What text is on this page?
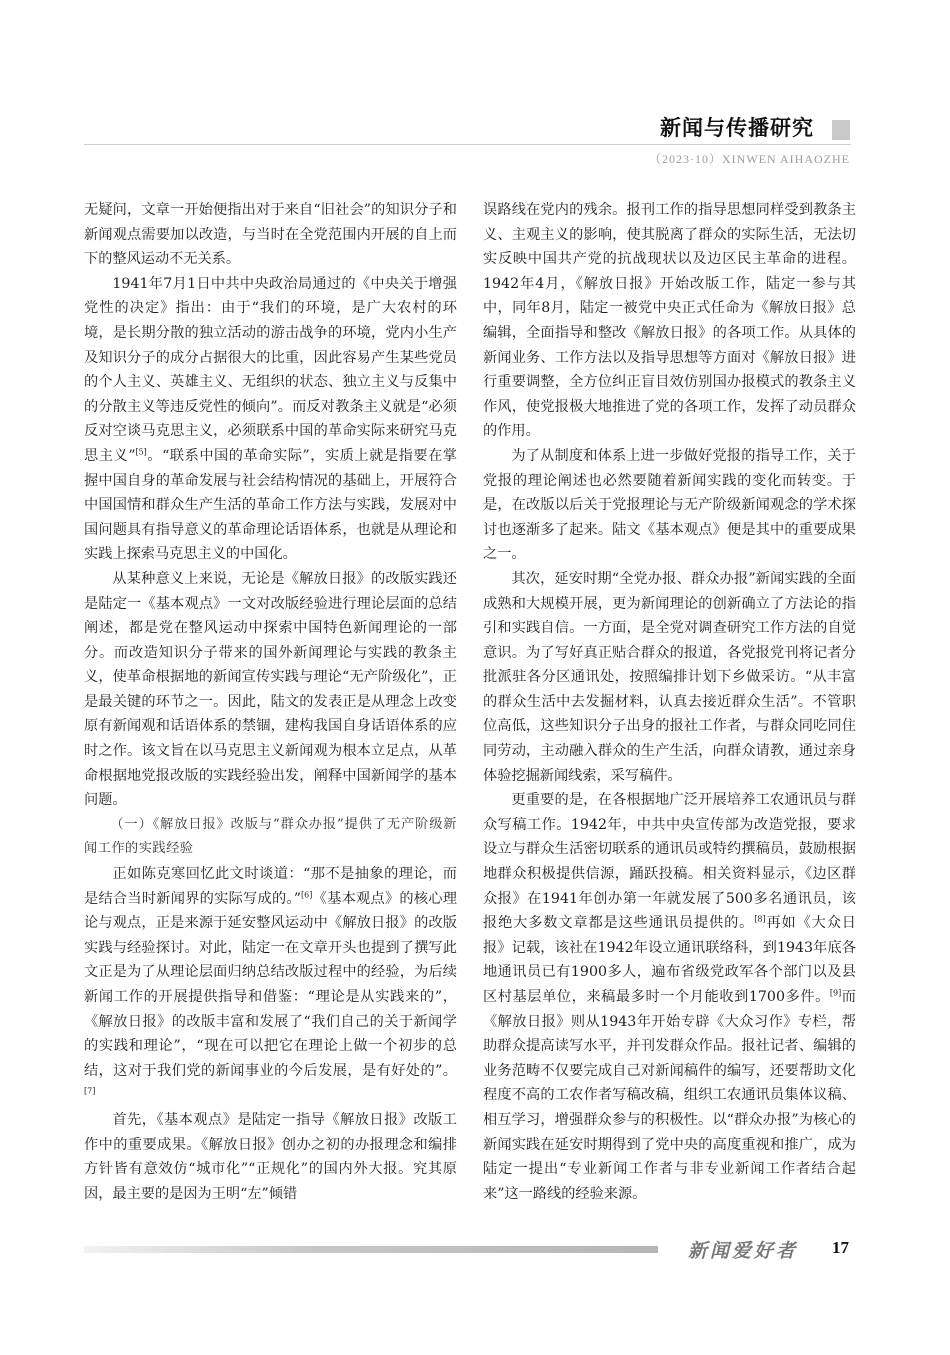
新闻与传播研究
（2023·10）XINWEN AIHAOZHE

无疑问，文章一开始便指出对于来自“旧社会”的知识分子和新闻观点需要加以改造，与当时在全党范围内开展的自上而下的整风运动不无关系。

1941年7月1日中共中央政治局通过的《中央关于增强党性的决定》指出：由于“我们的环境，是广大农村的环境，是长期分散的独立活动的游击战争的环境，党内小生产及知识分子的成分占据很大的比重，因此容易产生某些党员的个人主义、英雄主义、无组织的状态、独立主义与反集中的分散主义等违反党性的倾向”。而反对教条主义就是“必须反对空谈马克思主义，必须联系中国的革命实际来研究马克思主义”[5]。“联系中国的革命实际”，实质上就是指要在掌握中国自身的革命发展与社会结构情况的基础上，开展符合中国国情和群众生产生活的革命工作方法与实践，发展对中国问题具有指导意义的革命理论话语体系，也就是从理论和实践上探索马克思主义的中国化。

从某种意义上来说，无论是《解放日报》的改版实践还是陆定一《基本观点》一文对改版经验进行理论层面的总结阐述，都是党在整风运动中探索中国特色新闻理论的一部分。而改造知识分子带来的国外新闻理论与实践的教条主义，使革命根据地的新闻宣传实践与理论“无产阶级化”，正是最关键的环节之一。因此，陆文的发表正是从理念上改变原有新闻观和话语体系的禁锢，建构我国自身话语体系的应时之作。该文旨在以马克思主义新闻观为根本立足点，从革命根据地党报改版的实践经验出发，阐释中国新闻学的基本问题。

（一）《解放日报》改版与“群众办报”提供了无产阶级新闻工作的实践经验

正如陈克寒回忆此文时谈道：“那不是抽象的理论，而是结合当时新闻界的实际写成的。”[6]《基本观点》的核心理论与观点，正是来源于延安整风运动中《解放日报》的改版实践与经验探讨。对此，陆定一在文章开头也提到了撰写此文正是为了从理论层面归纳总结改版过程中的经验，为后续新闻工作的开展提供指导和借鉴：“理论是从实践来的”，《解放日报》的改版丰富和发展了“我们自己的关于新闻学的实践和理论”，“现在可以把它在理论上做一个初步的总结，这对于我们党的新闻事业的今后发展，是有好处的”。[7]

首先，《基本观点》是陆定一指导《解放日报》改版工作中的重要成果。《解放日报》创办之初的办报理念和编排方针皆有意效仿“城市化”“正规化”的国内外大报。究其原因，最主要的是因为王明“左”倾错

误路线在党内的残余。报刊工作的指导思想同样受到教条主义、主观主义的影响，使其脱离了群众的实际生活，无法切实反映中国共产党的抗战现状以及边区民主革命的进程。1942年4月，《解放日报》开始改版工作，陆定一参与其中，同年8月，陆定一被党中央正式任命为《解放日报》总编辑，全面指导和整改《解放日报》的各项工作。从具体的新闻业务、工作方法以及指导思想等方面对《解放日报》进行重要调整，全方位纠正盲目效仿别国办报模式的教条主义作风，使党报极大地推进了党的各项工作，发挥了动员群众的作用。

为了从制度和体系上进一步做好党报的指导工作，关于党报的理论阐述也必然要随着新闻实践的变化而转变。于是，在改版以后关于党报理论与无产阶级新闻观念的学术探讨也逐渐多了起来。陆文《基本观点》便是其中的重要成果之一。

其次，延安时期“全党办报、群众办报”新闻实践的全面成熟和大规模开展，更为新闻理论的创新确立了方法论的指引和实践自信。一方面，是全党对调查研究工作方法的自觉意识。为了写好真正贴合群众的报道，各党报党刊将记者分批派驻各分区通讯处，按照编排计划下乡做采访。“从丰富的群众生活中去发掘材料，认真去接近群众生活”。不管职位高低，这些知识分子出身的报社工作者，与群众同吃同住同劳动，主动融入群众的生产生活，向群众请教，通过亲身体验挖掘新闻线索，采写稿件。

更重要的是，在各根据地广泛开展培养工农通讯员与群众写稿工作。1942年，中共中央宣传部为改造党报，要求设立与群众生活密切联系的通讯员或特约撰稿员，鼓励根据地群众积极提供信源，踊跃投稿。相关资料显示，《边区群众报》在1941年创办第一年就发展了500多名通讯员，该报绝大多数文章都是这些通讯员提供的。[8]再如《大众日报》记载，该社在1942年设立通讯联络科，到1943年底各地通讯员已有1900多人，遍布省级党政军各个部门以及县区村基层单位，来稿最多时一个月能收到1700多件。[9]而《解放日报》则从1943年开始专辟《大众习作》专栏，帮助群众提高读写水平，并刊发群众作品。报社记者、编辑的业务范畴不仅要完成自己对新闻稿件的编写，还要帮助文化程度不高的工农作者写稿改稿，组织工农通讯员集体议稿、相互学习，增强群众参与的积极性。以“群众办报”为核心的新闻实践在延安时期得到了党中央的高度重视和推广，成为陆定一提出“专业新闻工作者与非专业新闻工作者结合起来”这一路线的经验来源。

新闻爱好者 17
